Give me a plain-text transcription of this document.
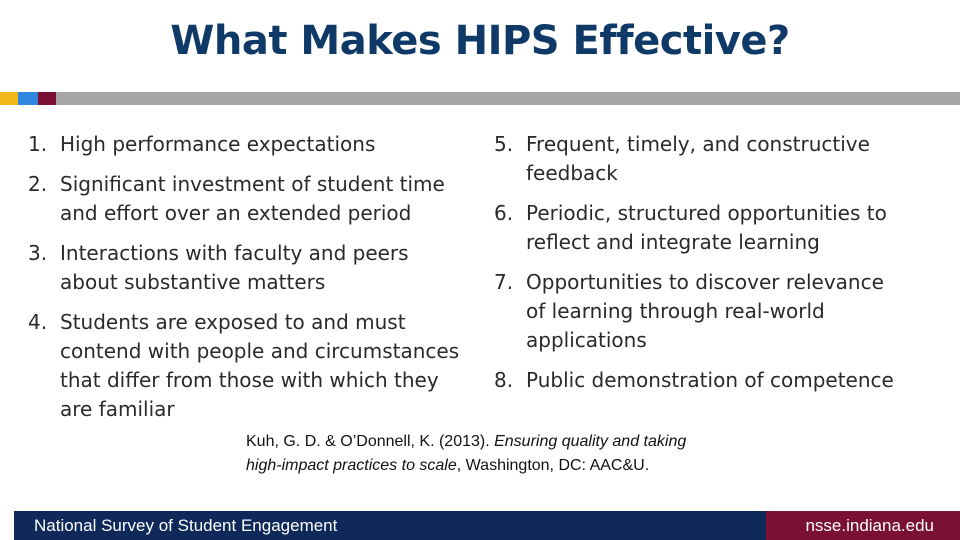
What Makes HIPS Effective?
1. High performance expectations
2. Significant investment of student time
and effort over an extended period
3. Interactions with faculty and peers
about substantive matters
4. Students are exposed to and must
contend with people and circumstances
that differ from those with which they
are familiar
5. Frequent, timely, and constructive
feedback
6. Periodic, structured opportunities to
reflect and integrate learning
7. Opportunities to discover relevance
of learning through real-world
applications
8. Public demonstration of competence
Kuh, G. D. & O’Donnell, K. (2013). Ensuring quality and taking
high-impact practices to scale, Washington, DC: AAC&U.
National Survey of Student Engagement	nsse.indiana.edu
